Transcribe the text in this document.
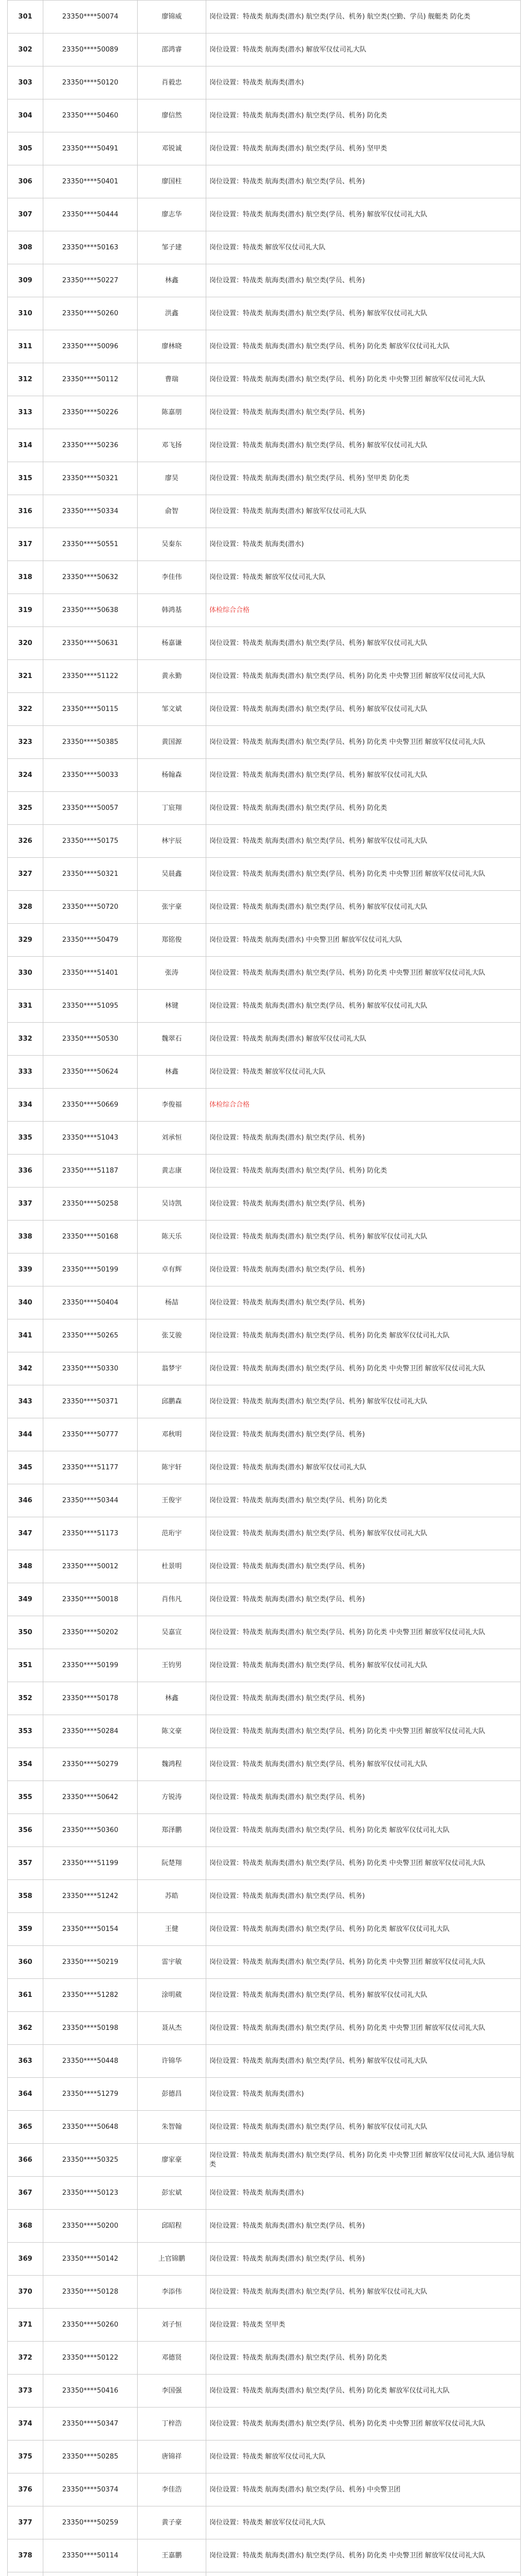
301	23350****50074	廖锦威	岗位设置：特战类 航海类(潜水) 航空类(学员、机务) 航空类(空勤、学员) 舰艇类 防化类
302	23350****50089	邵鸿睿	岗位设置：特战类 航海类(潜水) 解放军仪仗司礼大队
303	23350****50120	肖毅忠	岗位设置：特战类 航海类(潜水)
304	23350****50460	廖信然	岗位设置：特战类 航海类(潜水) 航空类(学员、机务) 防化类
305	23350****50491	邓锐诚	岗位设置：特战类 航海类(潜水) 航空类(学员、机务) 坚甲类
306	23350****50401	廖国柱	岗位设置：特战类 航海类(潜水) 航空类(学员、机务)
307	23350****50444	廖志华	岗位设置：特战类 航海类(潜水) 航空类(学员、机务) 解放军仪仗司礼大队
308	23350****50163	邹子建	岗位设置：特战类 解放军仪仗司礼大队
309	23350****50227	林鑫	岗位设置：特战类 航海类(潜水) 航空类(学员、机务)
310	23350****50260	洪鑫	岗位设置：特战类 航海类(潜水) 航空类(学员、机务) 解放军仪仗司礼大队
311	23350****50096	廖林晓	岗位设置：特战类 航海类(潜水) 航空类(学员、机务) 防化类 解放军仪仗司礼大队
312	23350****50112	曹瑞	岗位设置：特战类 航海类(潜水) 航空类(学员、机务) 防化类 中央警卫团 解放军仪仗司礼大队
313	23350****50226	陈嘉朋	岗位设置：特战类 航海类(潜水) 航空类(学员、机务)
314	23350****50236	邓飞扬	岗位设置：特战类 航海类(潜水) 航空类(学员、机务) 解放军仪仗司礼大队
315	23350****50321	廖昊	岗位设置：特战类 航海类(潜水) 航空类(学员、机务) 坚甲类 防化类
316	23350****50334	俞智	岗位设置：特战类 航海类(潜水) 解放军仪仗司礼大队
317	23350****50551	吴秦东	岗位设置：特战类 航海类(潜水)
318	23350****50632	李佳伟	岗位设置：特战类 解放军仪仗司礼大队
319	23350****50638	韩鸿基	体检综合合格
320	23350****50631	杨嘉谦	岗位设置：特战类 航海类(潜水) 航空类(学员、机务) 解放军仪仗司礼大队
321	23350****51122	黄永勤	岗位设置：特战类 航海类(潜水) 航空类(学员、机务) 防化类 中央警卫团 解放军仪仗司礼大队
322	23350****50115	邹文斌	岗位设置：特战类 航海类(潜水) 航空类(学员、机务) 解放军仪仗司礼大队
323	23350****50385	黄国源	岗位设置：特战类 航海类(潜水) 航空类(学员、机务) 防化类 中央警卫团 解放军仪仗司礼大队
324	23350****50033	杨翰森	岗位设置：特战类 航海类(潜水) 航空类(学员、机务) 解放军仪仗司礼大队
325	23350****50057	丁宸翔	岗位设置：特战类 航海类(潜水) 航空类(学员、机务) 防化类
326	23350****50175	林宇辰	岗位设置：特战类 航海类(潜水) 航空类(学员、机务) 解放军仪仗司礼大队
327	23350****50321	吴晨鑫	岗位设置：特战类 航海类(潜水) 航空类(学员、机务) 防化类 中央警卫团 解放军仪仗司礼大队
328	23350****50720	张宇豪	岗位设置：特战类 航海类(潜水) 航空类(学员、机务) 解放军仪仗司礼大队
329	23350****50479	郑铭俊	岗位设置：特战类 航海类(潜水) 中央警卫团 解放军仪仗司礼大队
330	23350****51401	张涛	岗位设置：特战类 航海类(潜水) 航空类(学员、机务) 防化类 中央警卫团 解放军仪仗司礼大队
331	23350****51095	林键	岗位设置：特战类 航海类(潜水) 航空类(学员、机务) 解放军仪仗司礼大队
332	23350****50530	魏翠石	岗位设置：特战类 航海类(潜水) 解放军仪仗司礼大队
333	23350****50624	林鑫	岗位设置：特战类 解放军仪仗司礼大队
334	23350****50669	李俊福	体检综合合格
335	23350****51043	刘承恒	岗位设置：特战类 航海类(潜水) 航空类(学员、机务)
336	23350****51187	黄志康	岗位设置：特战类 航海类(潜水) 航空类(学员、机务) 防化类
337	23350****50258	吴诗凯	岗位设置：特战类 航海类(潜水) 航空类(学员、机务)
338	23350****50168	陈天乐	岗位设置：特战类 航海类(潜水) 航空类(学员、机务) 解放军仪仗司礼大队
339	23350****50199	卓有辉	岗位设置：特战类 航海类(潜水) 航空类(学员、机务)
340	23350****50404	杨喆	岗位设置：特战类 航海类(潜水) 航空类(学员、机务)
341	23350****50265	张艾骏	岗位设置：特战类 航海类(潜水) 航空类(学员、机务) 防化类 解放军仪仗司礼大队
342	23350****50330	翁梦宇	岗位设置：特战类 航海类(潜水) 航空类(学员、机务) 防化类 中央警卫团 解放军仪仗司礼大队
343	23350****50371	邱鹏森	岗位设置：特战类 航海类(潜水) 航空类(学员、机务) 解放军仪仗司礼大队
344	23350****50777	邓秋明	岗位设置：特战类 航海类(潜水) 航空类(学员、机务)
345	23350****51177	陈宇轩	岗位设置：特战类 航海类(潜水) 解放军仪仗司礼大队
346	23350****50344	王俊宇	岗位设置：特战类 航海类(潜水) 航空类(学员、机务) 防化类
347	23350****51173	范珩宇	岗位设置：特战类 航海类(潜水) 航空类(学员、机务) 解放军仪仗司礼大队
348	23350****50012	杜景明	岗位设置：特战类 航海类(潜水) 航空类(学员、机务)
349	23350****50018	肖伟凡	岗位设置：特战类 航海类(潜水) 航空类(学员、机务)
350	23350****50202	吴嘉宣	岗位设置：特战类 航海类(潜水) 航空类(学员、机务) 防化类 中央警卫团 解放军仪仗司礼大队
351	23350****50199	王钧男	岗位设置：特战类 航海类(潜水) 航空类(学员、机务) 解放军仪仗司礼大队
352	23350****50178	林鑫	岗位设置：特战类 航海类(潜水) 航空类(学员、机务)
353	23350****50284	陈文豪	岗位设置：特战类 航海类(潜水) 航空类(学员、机务) 防化类 中央警卫团 解放军仪仗司礼大队
354	23350****50279	魏鸿程	岗位设置：特战类 航海类(潜水) 航空类(学员、机务) 解放军仪仗司礼大队
355	23350****50642	方锐涛	岗位设置：特战类 航海类(潜水) 航空类(学员、机务)
356	23350****50360	郑泽鹏	岗位设置：特战类 航海类(潜水) 航空类(学员、机务) 防化类 解放军仪仗司礼大队
357	23350****51199	阮楚翔	岗位设置：特战类 航海类(潜水) 航空类(学员、机务) 防化类 中央警卫团 解放军仪仗司礼大队
358	23350****51242	苏皓	岗位设置：特战类 航海类(潜水) 航空类(学员、机务)
359	23350****50154	王健	岗位设置：特战类 航海类(潜水) 航空类(学员、机务) 防化类 解放军仪仗司礼大队
360	23350****50219	雷宇敏	岗位设置：特战类 航海类(潜水) 航空类(学员、机务) 防化类 中央警卫团 解放军仪仗司礼大队
361	23350****51282	涂明葳	岗位设置：特战类 航海类(潜水) 航空类(学员、机务) 解放军仪仗司礼大队
362	23350****50198	聂从杰	岗位设置：特战类 航海类(潜水) 航空类(学员、机务) 防化类 中央警卫团 解放军仪仗司礼大队
363	23350****50448	许锦华	岗位设置：特战类 航海类(潜水) 航空类(学员、机务) 解放军仪仗司礼大队
364	23350****51279	彭德昌	岗位设置：特战类 航海类(潜水)
365	23350****50648	朱智翰	岗位设置：特战类 航海类(潜水) 航空类(学员、机务) 解放军仪仗司礼大队
366	23350****50325	廖家豪	岗位设置：特战类 航海类(潜水) 航空类(学员、机务) 防化类 中央警卫团 解放军仪仗司礼大队 通信导航类
367	23350****50123	彭宏斌	岗位设置：特战类 航海类(潜水)
368	23350****50200	邱昭程	岗位设置：特战类 航海类(潜水) 航空类(学员、机务)
369	23350****50142	上官锦鹏	岗位设置：特战类 航海类(潜水) 航空类(学员、机务)
370	23350****50128	李添伟	岗位设置：特战类 航海类(潜水) 航空类(学员、机务) 解放军仪仗司礼大队
371	23350****50260	刘子恒	岗位设置：特战类 坚甲类
372	23350****50122	邓德贤	岗位设置：特战类 航海类(潜水) 航空类(学员、机务) 防化类
373	23350****50416	李国强	岗位设置：特战类 航海类(潜水) 航空类(学员、机务) 防化类 解放军仪仗司礼大队
374	23350****50347	丁梓浩	岗位设置：特战类 航海类(潜水) 航空类(学员、机务) 防化类 中央警卫团 解放军仪仗司礼大队
375	23350****50285	唐锦祥	岗位设置：特战类 解放军仪仗司礼大队
376	23350****50374	李佳浩	岗位设置：特战类 航海类(潜水) 航空类(学员、机务) 中央警卫团
377	23350****50259	黄子豪	岗位设置：特战类 解放军仪仗司礼大队
378	23350****50114	王嘉鹏	岗位设置：特战类 航海类(潜水) 航空类(学员、机务) 防化类 中央警卫团 解放军仪仗司礼大队
